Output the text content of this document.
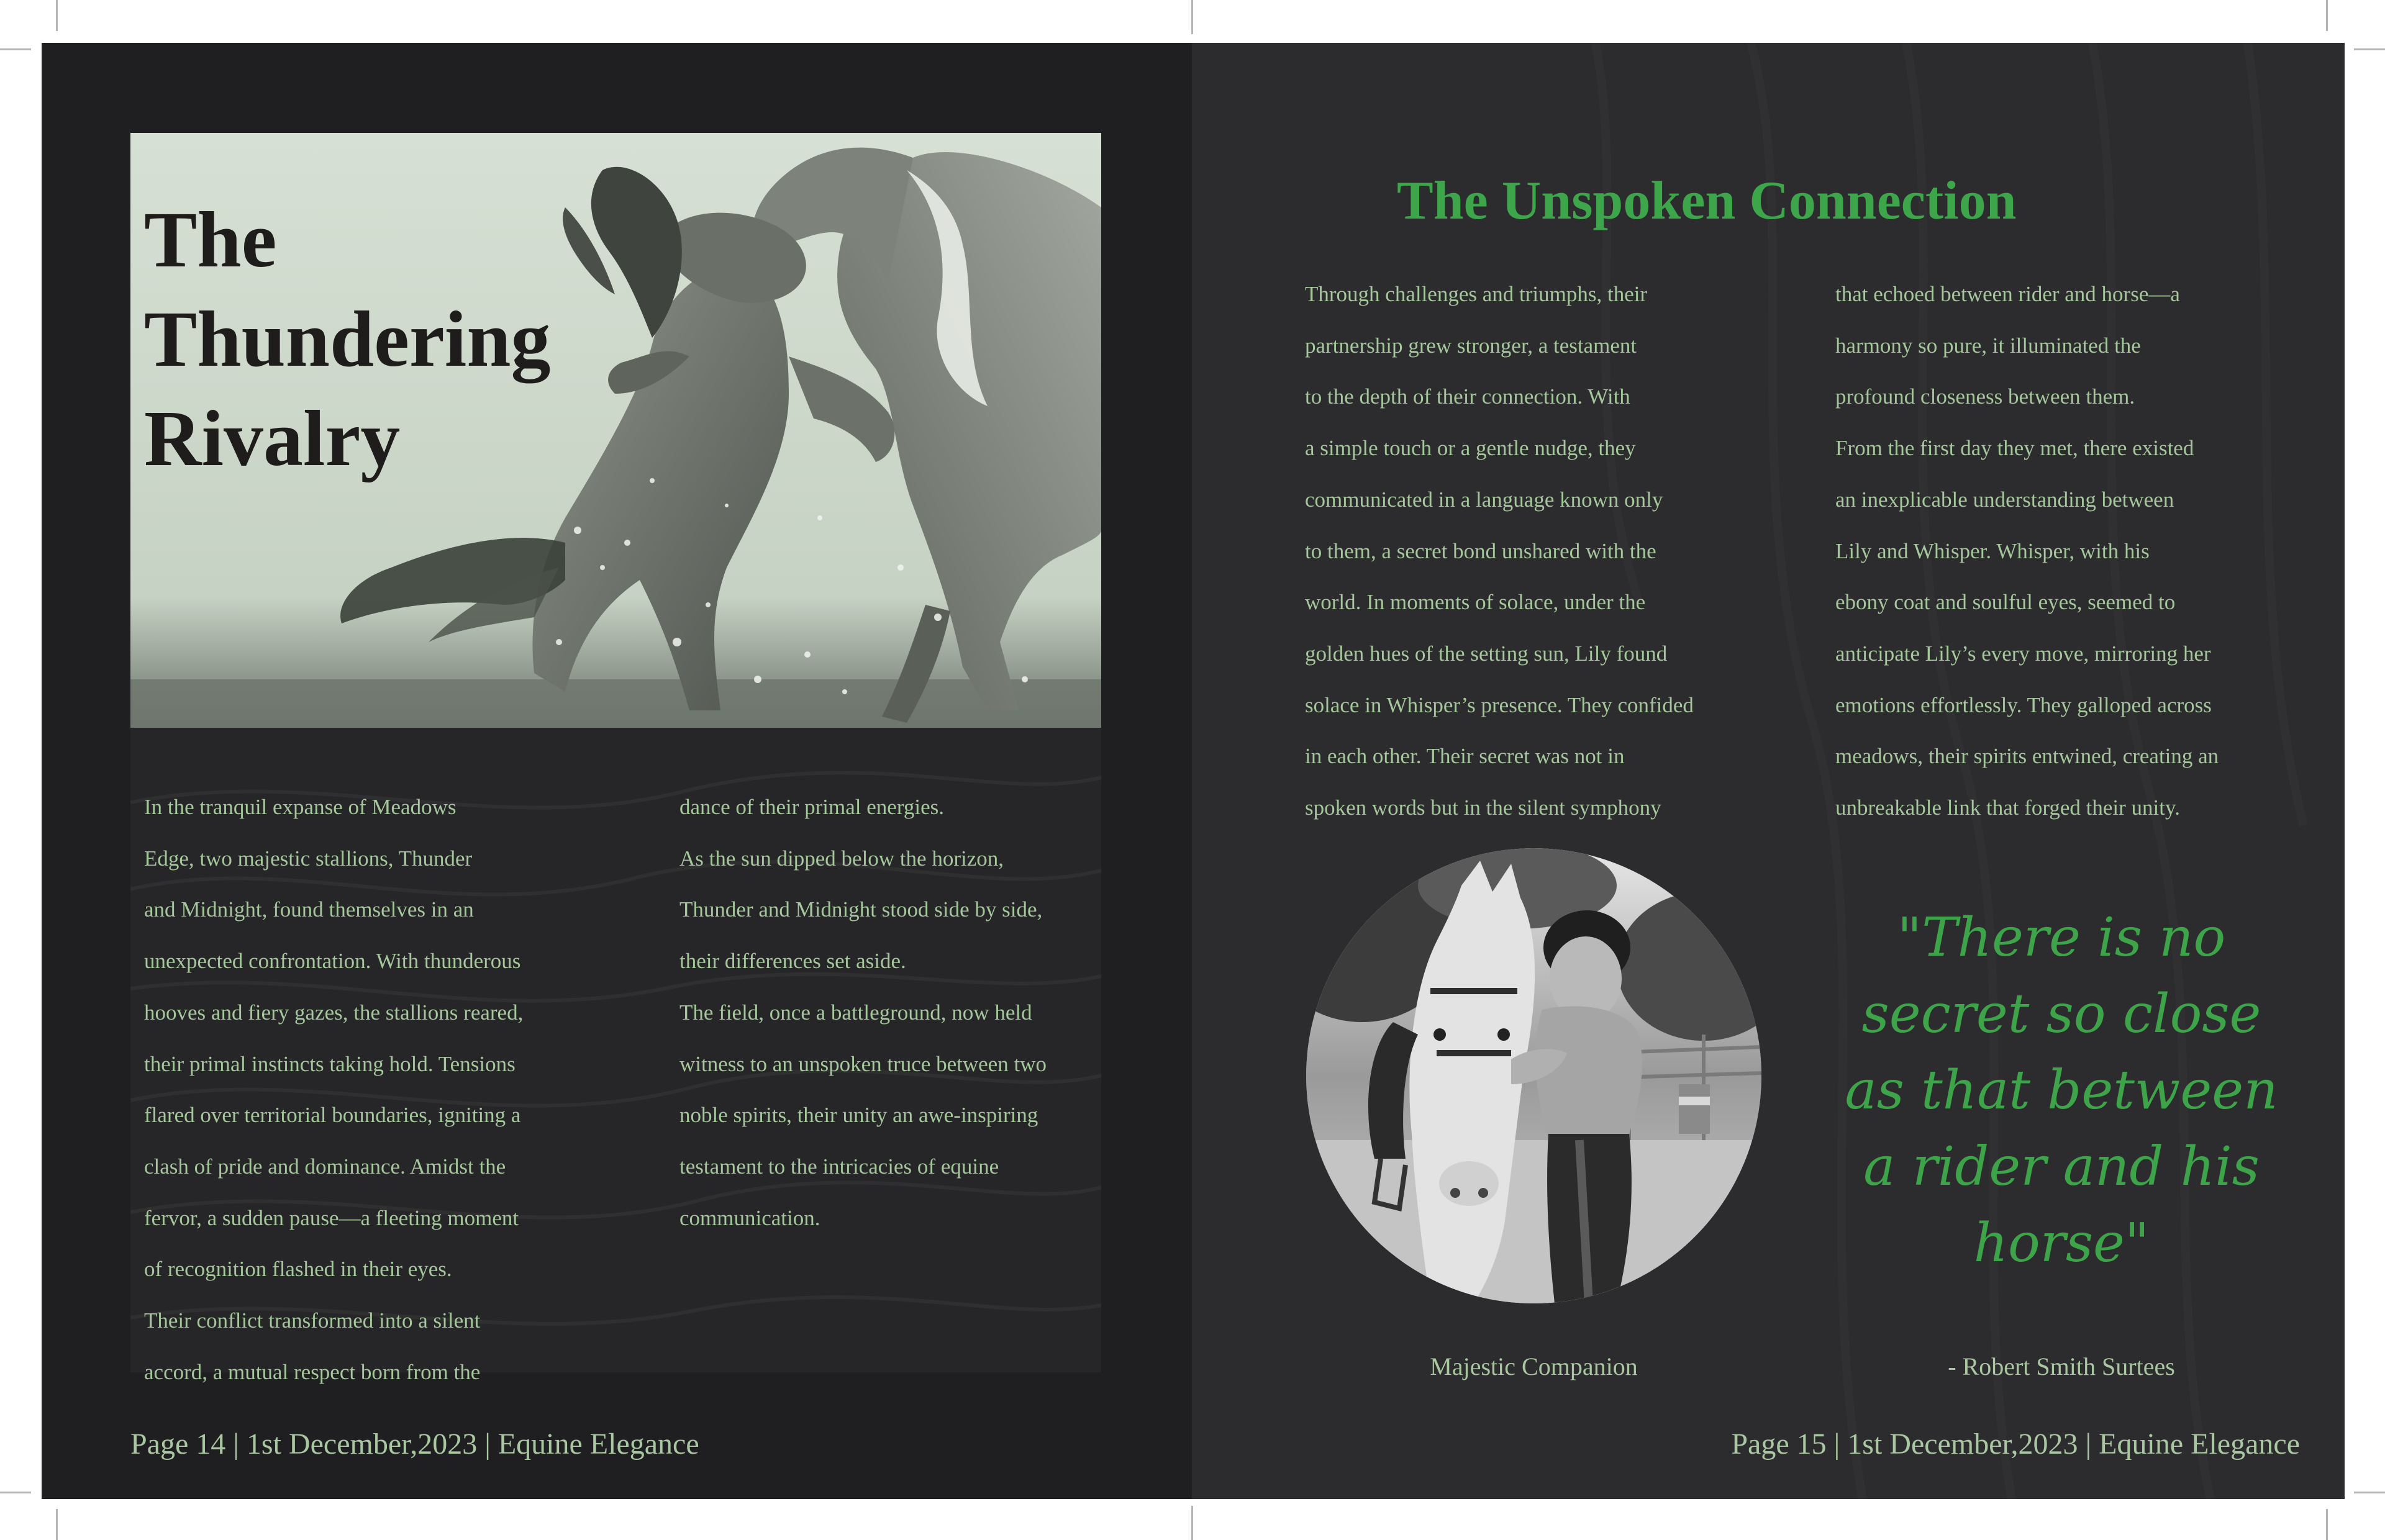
The
Thundering
Rivalry

In the tranquil expanse of Meadows
Edge, two majestic stallions, Thunder
and Midnight, found themselves in an
unexpected confrontation. With thunderous
hooves and fiery gazes, the stallions reared,
their primal instincts taking hold. Tensions
flared over territorial boundaries, igniting a
clash of pride and dominance. Amidst the
fervor, a sudden pause—a fleeting moment
of recognition flashed in their eyes.
Their conflict transformed into a silent
accord, a mutual respect born from the

dance of their primal energies.
As the sun dipped below the horizon,
Thunder and Midnight stood side by side,
their differences set aside.
The field, once a battleground, now held
witness to an unspoken truce between two
noble spirits, their unity an awe-inspiring
testament to the intricacies of equine
communication.

Page 14 | 1st December,2023 | Equine Elegance

The Unspoken Connection

Through challenges and triumphs, their
partnership grew stronger, a testament
to the depth of their connection. With
a simple touch or a gentle nudge, they
communicated in a language known only
to them, a secret bond unshared with the
world. In moments of solace, under the
golden hues of the setting sun, Lily found
solace in Whisper’s presence. They confided
in each other. Their secret was not in
spoken words but in the silent symphony

that echoed between rider and horse—a
harmony so pure, it illuminated the
profound closeness between them.
From the first day they met, there existed
an inexplicable understanding between
Lily and Whisper. Whisper, with his
ebony coat and soulful eyes, seemed to
anticipate Lily’s every move, mirroring her
emotions effortlessly. They galloped across
meadows, their spirits entwined, creating an
unbreakable link that forged their unity.

Majestic Companion

"There is no
secret so close
as that between
a rider and his
horse"

- Robert Smith Surtees

Page 15 | 1st December,2023 | Equine Elegance
